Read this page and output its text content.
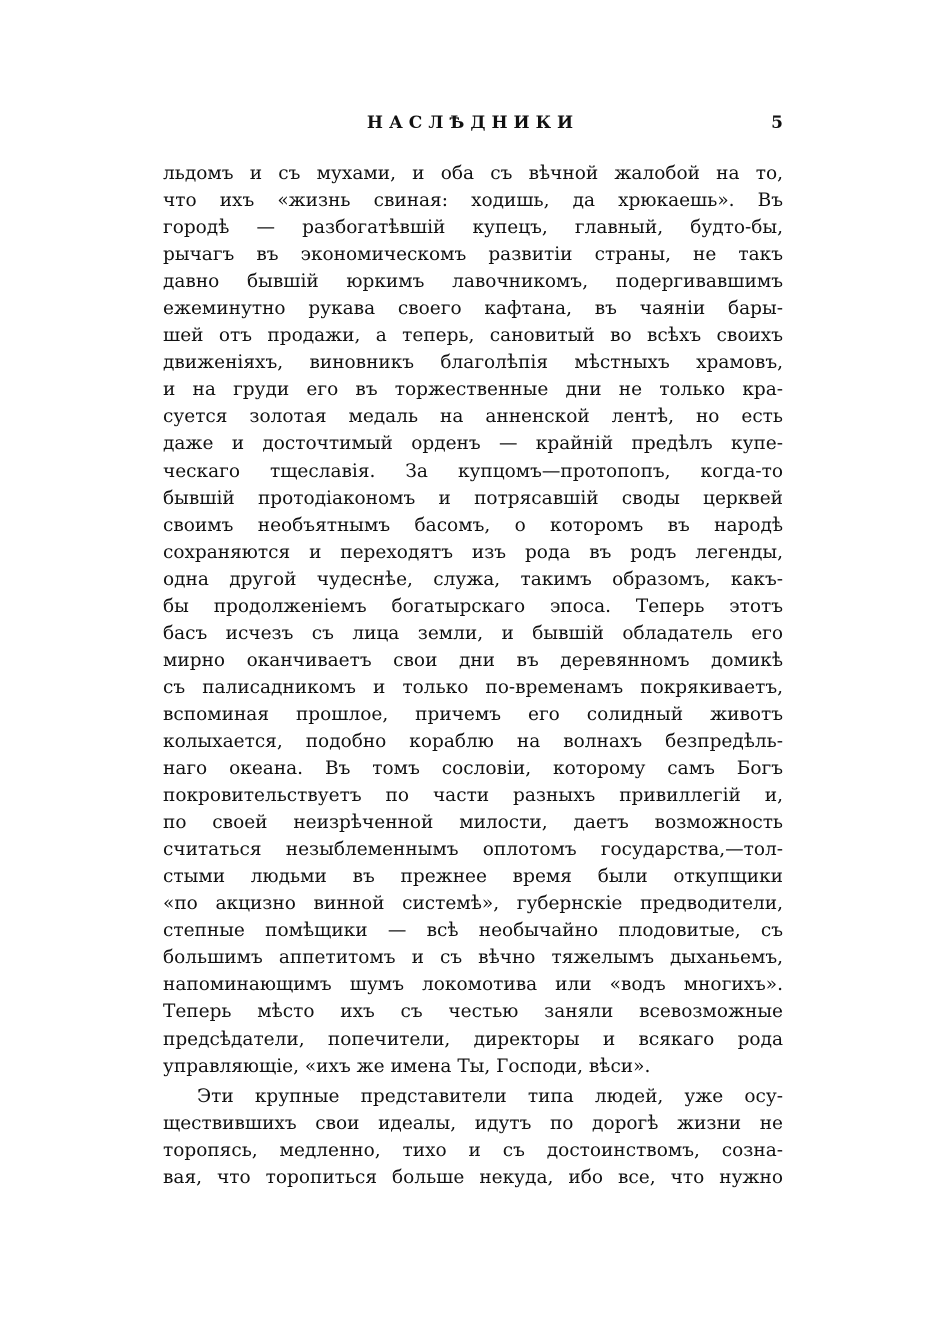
НАСЛѢДНИКИ	5
льдомъ и съ мухами, и оба съ вѣчной жалобой на то,
что ихъ «жизнь свиная: ходишь, да хрюкаешь». Въ
городѣ — разбогатѣвшій купецъ, главный, будто-бы,
рычагъ въ экономическомъ развитіи страны, не такъ
давно бывшій юркимъ лавочникомъ, подергивавшимъ
ежеминутно рукава своего кафтана, въ чаяніи бары-
шей отъ продажи, а теперь, сановитый во всѣхъ своихъ
движеніяхъ, виновникъ благолѣпія мѣстныхъ храмовъ,
и на груди его въ торжественные дни не только кра-
суется золотая медаль на анненской лентѣ, но есть
даже и досточтимый орденъ — крайній предѣлъ купе-
ческаго тщеславія. За купцомъ—протопопъ, когда-то
бывшій протодіакономъ и потрясавшій своды церквей
своимъ необъятнымъ басомъ, о которомъ въ народѣ
сохраняются и переходятъ изъ рода въ родъ легенды,
одна другой чудеснѣе, служа, такимъ образомъ, какъ-
бы продолженіемъ богатырскаго эпоса. Теперь этотъ
басъ исчезъ съ лица земли, и бывшій обладатель его
мирно оканчиваетъ свои дни въ деревянномъ домикѣ
съ палисадникомъ и только по-временамъ покрякиваетъ,
вспоминая прошлое, причемъ его солидный животъ
колыхается, подобно кораблю на волнахъ безпредѣль-
наго океана. Въ томъ сословіи, которому самъ Богъ
покровительствуетъ по части разныхъ привиллегій и,
по своей неизрѣченной милости, даетъ возможность
считаться незыблеменнымъ оплотомъ государства,—тол-
стыми людьми въ прежнее время были откупщики
«по акцизно винной системѣ», губернскіе предводители,
степные помѣщики — всѣ необычайно плодовитые, съ
большимъ аппетитомъ и съ вѣчно тяжелымъ дыханьемъ,
напоминающимъ шумъ локомотива или «водъ многихъ».
Теперь мѣсто ихъ съ честью заняли всевозможные
предсѣдатели, попечители, директоры и всякаго рода
управляющіе, «ихъ же имена Ты, Господи, вѣси».
Эти крупные представители типа людей, уже осу-
ществившихъ свои идеалы, идутъ по дорогѣ жизни не
торопясь, медленно, тихо и съ достоинствомъ, созна-
вая, что торопиться больше некуда, ибо все, что нужно
